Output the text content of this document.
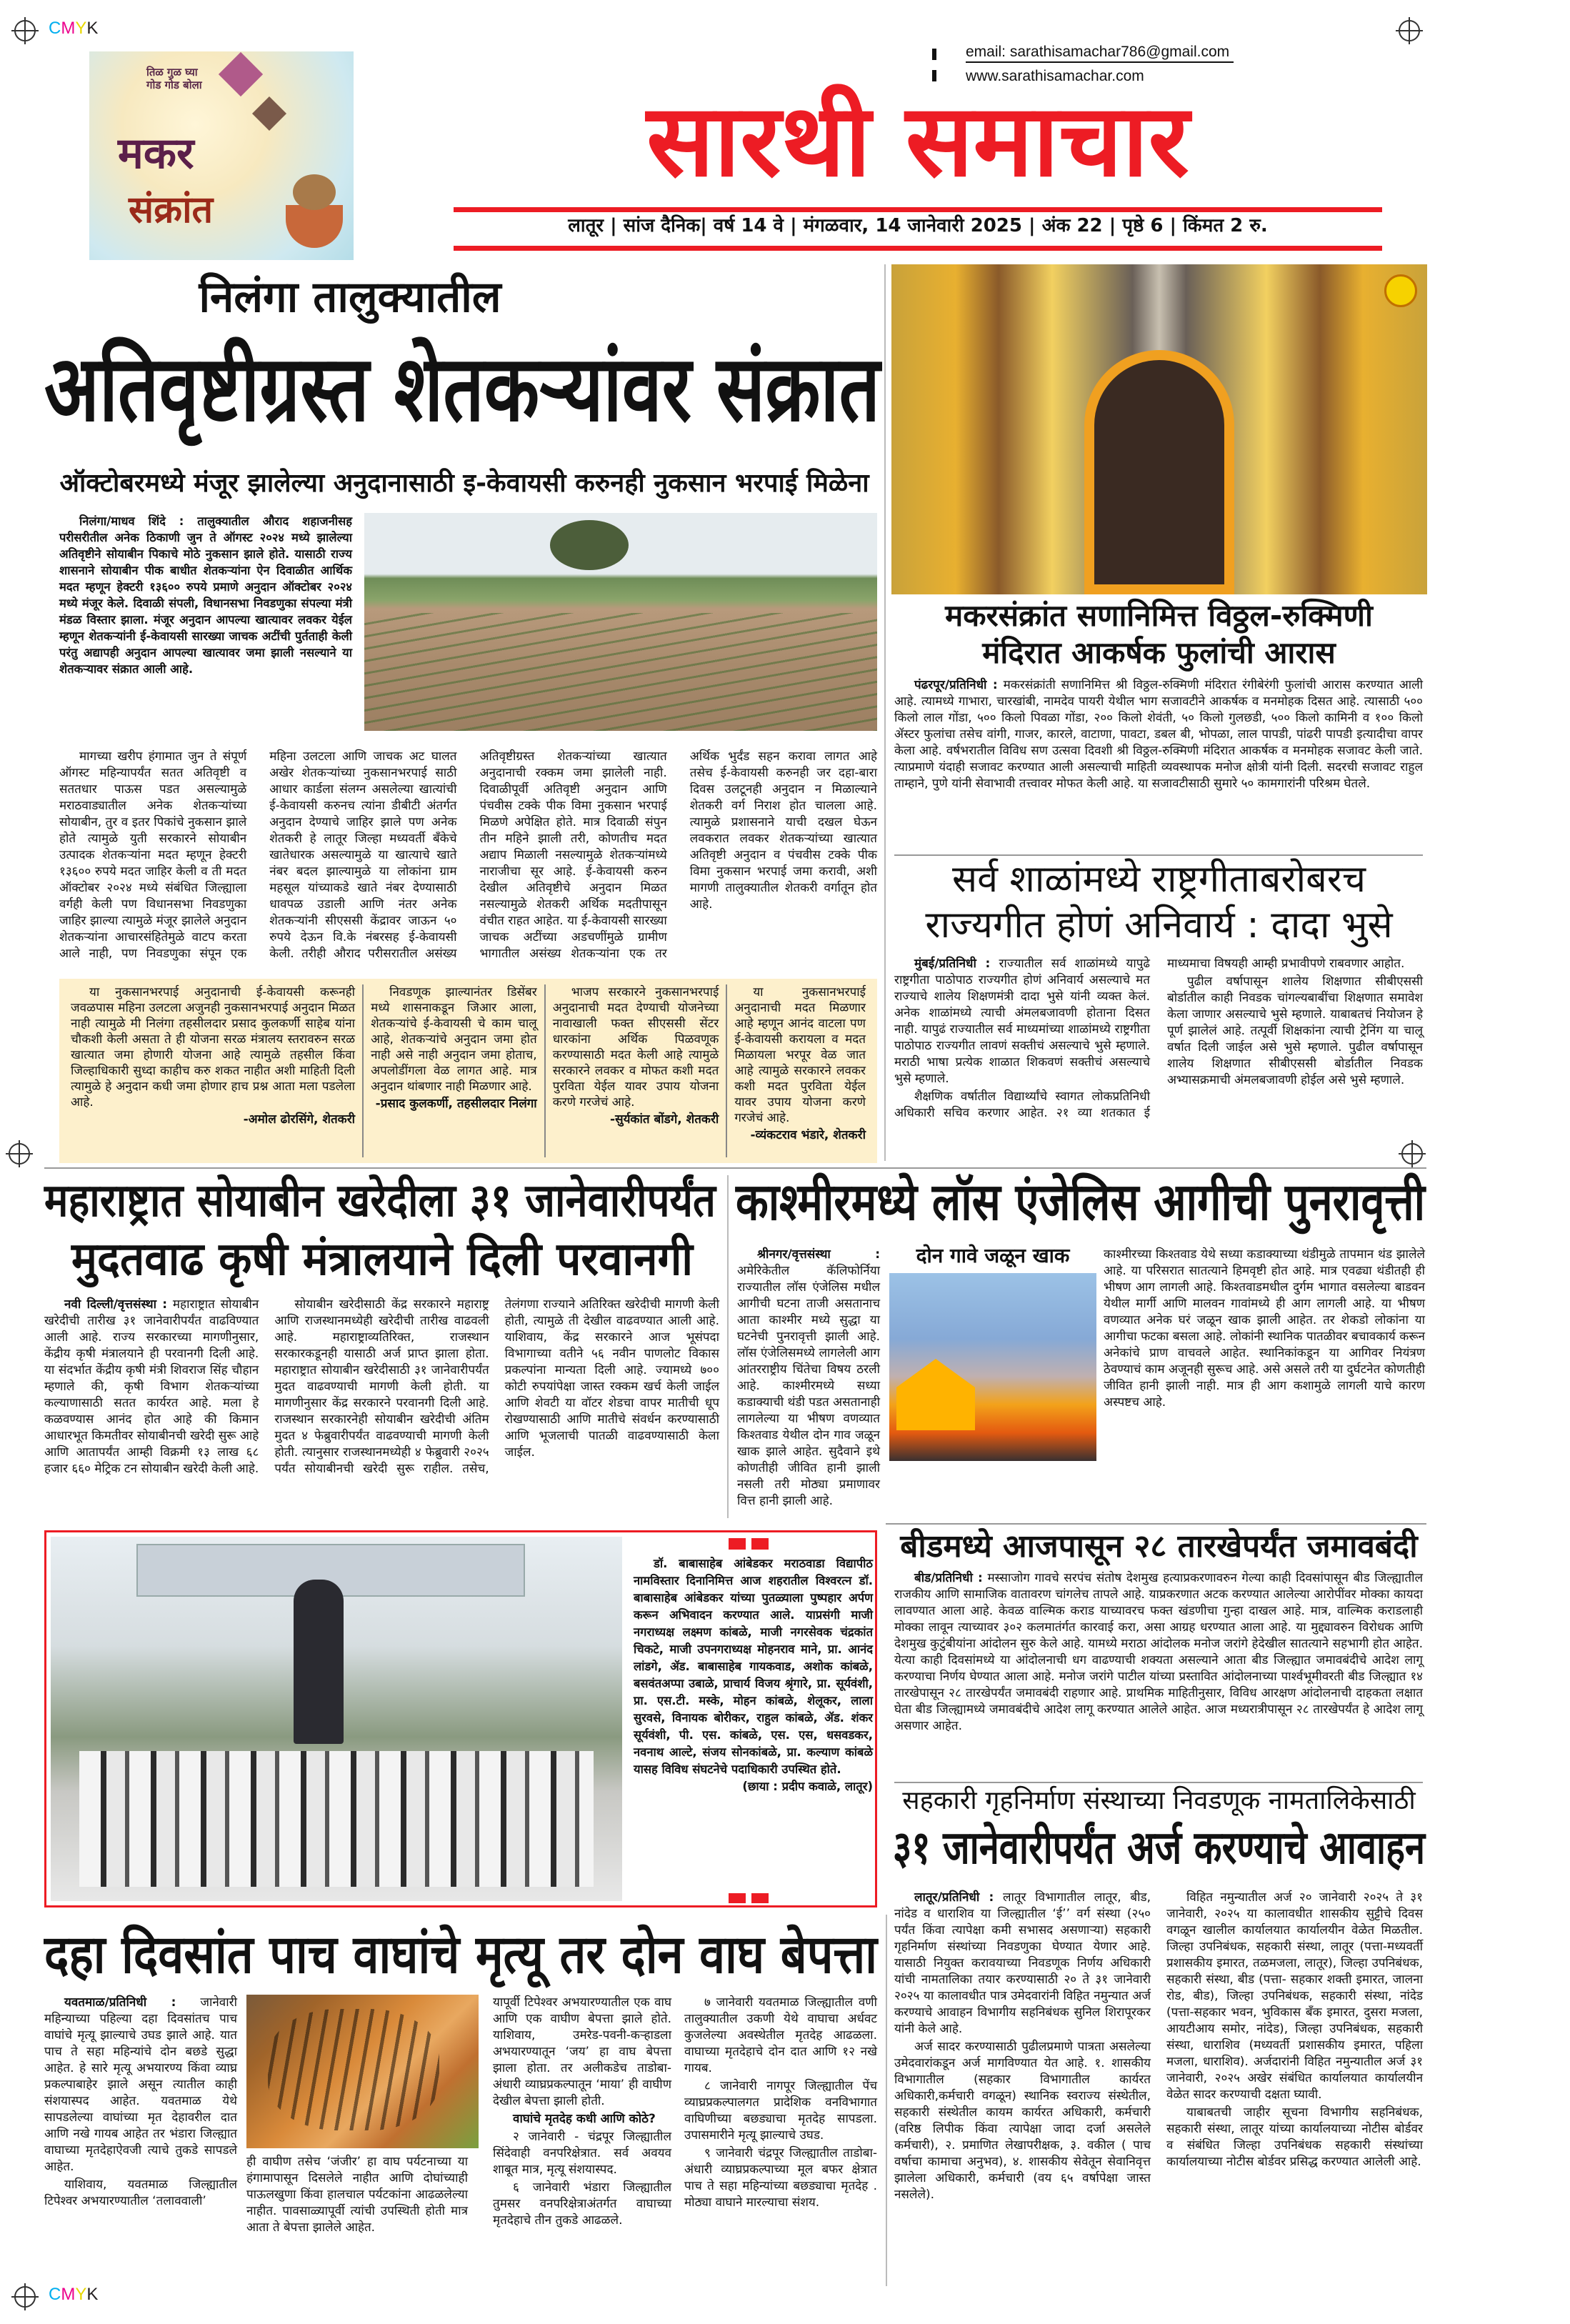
CMYK
CMYK
तिळ गुळ घ्या गोड गोड बोला
मकर
संक्रांत
email: sarathisamachar786@gmail.com
www.sarathisamachar.com
सारथी समाचार
लातूर | सांज दैनिक| वर्ष 14 वे | मंगळवार, 14 जानेवारी 2025 | अंक 22 | पृष्ठे 6 | किंमत 2 रु.
निलंगा तालुक्यातील
अतिवृष्टीग्रस्त शेतकऱ्यांवर संक्रात
ऑक्टोबरमध्ये मंजूर झालेल्या अनुदानासाठी इ-केवायसी करुनही नुकसान भरपाई मिळेना

निलंगा/माधव शिंदे : तालुक्यातील औराद शहाजनीसह परीसरीतील अनेक ठिकाणी जुन ते ऑगस्ट २०२४ मध्ये झालेल्या अतिवृष्टीने सोयाबीन पिकाचे मोठे नुकसान झाले होते. यासाठी राज्य शासनाने सोयाबीन पीक बाधीत शेतकऱ्यांना ऐन दिवाळीत आर्थिक मदत म्हणून हेक्टरी १३६०० रुपये प्रमाणे अनुदान ऑक्टोबर २०२४ मध्ये मंजूर केले. दिवाळी संपली, विधानसभा निवडणुका संपल्या मंत्री मंडळ विस्तार झाला. मंजूर अनुदान आपल्या खात्यावर लवकर येईल म्हणून शेतकऱ्यांनी ई-केवायसी सारख्या जाचक अटींची पुर्तताही केली परंतु अद्यापही अनुदान आपल्या खात्यावर जमा झाली नसल्याने या शेतकऱ्यावर संक्रात आली आहे.

मागच्या खरीप हंगामात जुन ते संपूर्ण ऑगस्ट महिन्यापर्यंत सतत अतिवृष्टी व सततधार पाऊस पडत असल्यामुळे मराठवाड्यातील अनेक शेतकऱ्यांच्या सोयाबीन, तुर व इतर पिकांचे नुकसान झाले होते त्यामुळे युती सरकारने सोयाबीन उत्पादक शेतकऱ्यांना मदत म्हणून हेक्टरी १३६०० रुपये मदत जाहिर केली व ती मदत ऑक्टोबर २०२४ मध्ये संबंधित जिल्ह्याला वर्गही केली पण विधानसभा निवडणुका जाहिर झाल्या त्यामुळे मंजूर झालेले अनुदान शेतकऱ्यांना आचारसंहितेमुळे वाटप करता आले नाही, पण निवडणुका संपून एक महिना उलटला आणि जाचक अट घालत अखेर शेतकऱ्यांच्या नुकसानभरपाई साठी आधार कार्डला संलग्न असलेल्या खात्यांची ई-केवायसी करुनच त्यांना डीबीटी अंतर्गत अनुदान देण्याचे जाहिर झाले पण अनेक शेतकरी हे लातूर जिल्हा मध्यवर्ती बँकेचे खातेधारक असल्यामुळे या खात्याचे खाते नंबर बदल झाल्यामुळे या लोकांना ग्राम महसूल यांच्याकडे खाते नंबर देण्यासाठी धावपळ उडाली आणि नंतर अनेक शेतकऱ्यांनी सीएससी केंद्रावर जाऊन ५० रुपये देऊन वि.के नंबरसह ई-केवायसी केली. तरीही औराद परीसरातील असंख्य अतिवृष्टीग्रस्त शेतकऱ्यांच्या खात्यात अनुदानाची रक्कम जमा झालेली नाही. दिवाळीपूर्वी अतिवृष्टी अनुदान आणि पंचवीस टक्के पीक विमा नुकसान भरपाई मिळणे अपेक्षित होते. मात्र दिवाळी संपुन तीन महिने झाली तरी, कोणतीच मदत अद्याप मिळाली नसल्यामुळे शेतकऱ्यांमध्ये नाराजीचा सूर आहे. ई-केवायसी करुन देखील अतिवृष्टीचे अनुदान मिळत नसल्यामुळे शेतकरी अर्थिक मदतीपासून वंचीत राहत आहेत. या ई-केवायसी सारख्या जाचक अटींच्या अडचणींमुळे ग्रामीण भागातील असंख्य शेतकऱ्यांना एक तर अर्थिक भुर्दंड सहन करावा लागत आहे तसेच ई-केवायसी करुनही जर दहा-बारा दिवस उलटूनही अनुदान न मिळाल्याने शेतकरी वर्ग निराश होत चालला आहे. त्यामुळे प्रशासनाने याची दखल घेऊन लवकरात लवकर शेतकऱ्यांच्या खात्यात अतिवृष्टी अनुदान व पंचवीस टक्के पीक विमा नुकसान भरपाई जमा करावी, अशी मागणी तालुक्यातील शेतकरी वर्गातून होत आहे.

या नुकसानभरपाई अनुदानाची ई-केवायसी करूनही जवळपास महिना उलटला अजुनही नुकसानभरपाई अनुदान मिळत नाही त्यामुळे मी निलंगा तहसीलदार प्रसाद कुलकर्णी साहेब यांना चौकशी केली असता ते ही योजना सरळ मंत्रालय स्तरावरुन सरळ खात्यात जमा होणारी योजना आहे त्यामुळे तहसील किंवा जिल्हाधिकारी सुध्दा काहीच करु शकत नाहीत अशी माहिती दिली त्यामुळे हे अनुदान कधी जमा होणार हाच प्रश्न आता मला पडलेला आहे.

-अमोल ढोरसिंगे, शेतकरी

निवडणूक झाल्यानंतर डिसेंबर मध्ये शासनाकडून जिआर आला, शेतकऱ्यांचे ई-केवायसी चे काम चालू आहे, शेतकऱ्यांचे अनुदान जमा होत नाही असे नाही अनुदान जमा होताच, अपलोडींगला वेळ लागत आहे. मात्र अनुदान थांबणार नाही मिळणार आहे.

-प्रसाद कुलकर्णी, तहसीलदार निलंगा

भाजप सरकारने नुकसानभरपाई अनुदानाची मदत देण्याची योजनेच्या नावाखाली फक्त सीएससी सेंटर धारकांना अर्थिक पिळवणूक करण्यासाठी मदत केली आहे त्यामुळे सरकारने लवकर व मोफत कशी मदत पुरविता येईल यावर उपाय योजना करणे गरजेचं आहे.

-सुर्यकांत बोंडगे, शेतकरी

या नुकसानभरपाई अनुदानाची मदत मिळणार आहे म्हणून आनंद वाटला पण ई-केवायसी करायला व मदत मिळायला भरपूर वेळ जात आहे त्यामुळे सरकारने लवकर कशी मदत पुरविता येईल यावर उपाय योजना करणे गरजेचं आहे.

-व्यंकटराव भंडारे, शेतकरी
मकरसंक्रांत सणानिमित्त विठ्ठल-रुक्मिणी
मंदिरात आकर्षक फुलांची आरास

पंढरपूर/प्रतिनिधी : मकरसंक्रांती सणानिमित्त श्री विठ्ठल-रुक्मिणी मंदिरात रंगीबेरंगी फुलांची आरास करण्यात आली आहे. त्यामध्ये गाभारा, चारखांबी, नामदेव पायरी येथील भाग सजावटीने आकर्षक व मनमोहक दिसत आहे. त्यासाठी ५०० किलो लाल गोंडा, ५०० किलो पिवळा गोंडा, २०० किलो शेवंती, ५० किलो गुलछडी, ५०० किलो कामिनी व १०० किलो ॲस्टर फुलांचा तसेच वांगी, गाजर, कारले, वाटाणा, पावटा, डबल बी, भोपळा, लाल पापडी, पांढरी पापडी इत्यादीचा वापर केला आहे. वर्षभरातील विविध सण उत्सवा दिवशी श्री विठ्ठल-रुक्मिणी मंदिरात आकर्षक व मनमोहक सजावट केली जाते. त्याप्रमाणे यंदाही सजावट करण्यात आली असल्याची माहिती व्यवस्थापक मनोज क्षोत्री यांनी दिली. सदरची सजावट राहुल ताम्हाने, पुणे यांनी सेवाभावी तत्त्वावर मोफत केली आहे. या सजावटीसाठी सुमारे ५० कामगारांनी परिश्रम घेतले.

सर्व शाळांमध्ये राष्ट्रगीताबरोबरच
राज्यगीत होणं अनिवार्य : दादा भुसे

मुंबई/प्रतिनिधी : राज्यातील सर्व शाळांमध्ये यापुढे राष्ट्रगीता पाठोपाठ राज्यगीत होणं अनिवार्य असल्याचे मत राज्याचे शालेय शिक्षणमंत्री दादा भुसे यांनी व्यक्त केलं. अनेक शाळांमध्ये त्याची अंमलबजावणी होताना दिसत नाही. यापुढं राज्यातील सर्व माध्यमांच्या शाळांमध्ये राष्ट्रगीता पाठोपाठ राज्यगीत लावणं सक्तीचं असल्याचे भुसे म्हणाले. मराठी भाषा प्रत्येक शाळात शिकवणं सक्तीचं असल्याचे भुसे म्हणाले.

शैक्षणिक वर्षातील विद्यार्थ्यांचे स्वागत लोकप्रतिनिधी अधिकारी सचिव करणार आहेत. २१ व्या शतकात ई माध्यमाचा विषयही आम्ही प्रभावीपणे राबवणार आहोत.

पुढील वर्षापासून शालेय शिक्षणात सीबीएससी बोर्डातील काही निवडक चांगल्यबाबींचा शिक्षणात समावेश केला जाणार असल्याचे भुसे म्हणाले. याबाबतचं नियोजन हे पूर्ण झालेलं आहे. तत्पूर्वी शिक्षकांना त्याची ट्रेनिंग या चालू वर्षात दिली जाईल असे भुसे म्हणाले. पुढील वर्षापासून शालेय शिक्षणात सीबीएससी बोर्डातील निवडक अभ्यासक्रमाची अंमलबजावणी होईल असे भुसे म्हणाले.

महाराष्ट्रात सोयाबीन खरेदीला ३१ जानेवारीपर्यंत
मुदतवाढ कृषी मंत्रालयाने दिली परवानगी

नवी दिल्ली/वृत्तसंस्था : महाराष्ट्रात सोयाबीन खरेदीची तारीख ३१ जानेवारीपर्यंत वाढविण्यात आली आहे. राज्य सरकारच्या मागणीनुसार, केंद्रीय कृषी मंत्रालयाने ही परवानगी दिली आहे. या संदर्भात केंद्रीय कृषी मंत्री शिवराज सिंह चौहान म्हणाले की, कृषी विभाग शेतकऱ्यांच्या कल्याणासाठी सतत कार्यरत आहे. मला हे कळवण्यास आनंद होत आहे की किमान आधारभूत किमतीवर सोयाबीनची खरेदी सुरू आहे आणि आतापर्यंत आम्ही विक्रमी १३ लाख ६८ हजार ६६० मेट्रिक टन सोयाबीन खरेदी केली आहे.

सोयाबीन खरेदीसाठी केंद्र सरकारने महाराष्ट्र आणि राजस्थानमध्येही खरेदीची तारीख वाढवली आहे. महाराष्ट्राव्यतिरिक्त, राजस्थान सरकारकडूनही यासाठी अर्ज प्राप्त झाला होता. महाराष्ट्रात सोयाबीन खरेदीसाठी ३१ जानेवारीपर्यंत मुदत वाढवण्याची मागणी केली होती. या मागणीनुसार केंद्र सरकारने परवानगी दिली आहे. राजस्थान सरकारनेही सोयाबीन खरेदीची अंतिम मुदत ४ फेब्रुवारीपर्यंत वाढवण्याची मागणी केली होती. त्यानुसार राजस्थानमध्येही ४ फेब्रुवारी २०२५ पर्यंत सोयाबीनची खरेदी सुरू राहील. तसेच, तेलंगणा राज्याने अतिरिक्त खरेदीची मागणी केली होती, त्यामुळे ती देखील वाढवण्यात आली आहे. याशिवाय, केंद्र सरकारने आज भूसंपदा विभागाच्या वतीने ५६ नवीन पाणलोट विकास प्रकल्पांना मान्यता दिली आहे. ज्यामध्ये ७०० कोटी रुपयांपेक्षा जास्त रक्कम खर्च केली जाईल आणि शेवटी या वॉटर शेडचा वापर मातीची धूप रोखण्यासाठी आणि मातीचे संवर्धन करण्यासाठी आणि भूजलाची पातळी वाढवण्यासाठी केला जाईल.

काश्मीरमध्ये लॉस एंजेलिस आगीची पुनरावृत्ती

श्रीनगर/वृत्तसंस्था : अमेरिकेतील कॅलिफोर्निया राज्यातील लॉस एंजेलिस मधील आगीची घटना ताजी असतानाच आता काश्मीर मध्ये सुद्धा या घटनेची पुनरावृत्ती झाली आहे. लॉस एंजेलिसमध्ये लागलेली आग आंतरराष्ट्रीय चिंतेचा विषय ठरली आहे. काश्मीरमध्ये सध्या कडाक्याची थंडी पडत असतानाही लागलेल्या या भीषण वणव्यात किश्तवाड येथील दोन गाव जळून खाक झाले आहेत. सुदैवाने इथे कोणतीही जीवित हानी झाली नसली तरी मोठ्या प्रमाणावर वित्त हानी झाली आहे.

दोन गावे जळून खाक	काश्मीरच्या किश्तवाड येथे सध्या कडाक्याच्या थंडीमुळे तापमान थंड झालेले आहे. या परिसरात सातत्याने हिमवृष्टी होत आहे. मात्र एवढ्या थंडीतही ही भीषण आग लागली आहे. किश्तवाडमधील दुर्गम भागात वसलेल्या बाडवन येथील मार्गी आणि मालवन गावांमध्ये ही आग लागली आहे. या भीषण वणव्यात अनेक घरं जळून खाक झाली आहेत. तर शेकडो लोकांना या आगीचा फटका बसला आहे. लोकांनी स्थानिक पातळीवर बचावकार्य करून अनेकांचे प्राण वाचवले आहेत. स्थानिकांकडून या आगिवर नियंत्रण ठेवण्याचं काम अजूनही सुरूच आहे. असे असले तरी या दुर्घटनेत कोणतीही जीवित हानी झाली नाही. मात्र ही आग कशामुळे लागली याचे कारण अस्पष्टच आहे.

डॉ. बाबासाहेब आंबेडकर मराठवाडा विद्यापीठ नामविस्तार दिनानिमित्त आज शहरातील विश्वरत्न डॉ. बाबासाहेब आंबेडकर यांच्या पुतळ्याला पुष्पहार अर्पण करून अभिवादन करण्यात आले. याप्रसंगी माजी नगराध्यक्ष लक्ष्मण कांबळे, माजी नगरसेवक चंद्रकांत चिकटे, माजी उपनगराध्यक्ष मोहनराव माने, प्रा. आनंद लांडगे, ॲड. बाबासाहेब गायकवाड, अशोक कांबळे, बसवंतअप्पा उबाळे, प्राचार्य विजय श्रृंगारे, प्रा. सूर्यवंशी, प्रा. एस.टी. मस्के, मोहन कांबळे, शेलूकर, लाला सुरवसे, विनायक बोरीकर, राहुल कांबळे, ॲड. शंकर सूर्यवंशी, पी. एस. कांबळे, एस. एस, धसवडकर, नवनाथ आल्टे, संजय सोनकांबळे, प्रा. कल्याण कांबळे यासह विविध संघटनेचे पदाधिकारी उपस्थित होते.

(छाया : प्रदीप कवाळे, लातूर)
बीडमध्ये आजपासून २८ तारखेपर्यंत जमावबंदी

बीड/प्रतिनिधी : मस्साजोग गावचे सरपंच संतोष देशमुख हत्याप्रकरणावरुन गेल्या काही दिवसांपासून बीड जिल्ह्यातील राजकीय आणि सामाजिक वातावरण चांगलेच तापले आहे. याप्रकरणात अटक करण्यात आलेल्या आरोपींवर मोक्का कायदा लावण्यात आला आहे. केवळ वाल्मिक कराड याच्यावरच फक्त खंडणीचा गुन्हा दाखल आहे. मात्र, वाल्मिक कराडलाही मोक्का लावून त्याच्यावर ३०२ कलमातंर्गत कारवाई करा, असा आग्रह धरण्यात आला आहे. या मुद्द्यावरुन विरोधक आणि देशमुख कुटुंबीयांना आंदोलन सुरु केले आहे. यामध्ये मराठा आंदोलक मनोज जरांगे हेदेखील सातत्याने सहभागी होत आहेत. येत्या काही दिवसांमध्ये या आंदोलनाची धग वाढण्याची शक्यता असल्याने आता बीड जिल्ह्यात जमावबंदीचे आदेश लागू करण्याचा निर्णय घेण्यात आला आहे. मनोज जरांगे पाटील यांच्या प्रस्तावित आंदोलनाच्या पार्श्वभूमीवरती बीड जिल्ह्यात १४ तारखेपासून २८ तारखेपर्यंत जमावबंदी राहणार आहे. प्राथमिक माहितीनुसार, विविध आरक्षण आंदोलनाची दाहकता लक्षात घेता बीड जिल्ह्यामध्ये जमावबंदीचे आदेश लागू करण्यात आलेले आहेत. आज मध्यरात्रीपासून २८ तारखेपर्यंत हे आदेश लागू असणार आहेत.

सहकारी गृहनिर्माण संस्थाच्या निवडणूक नामतालिकेसाठी
३१ जानेवारीपर्यंत अर्ज करण्याचे आवाहन

लातूर/प्रतिनिधी : लातूर विभागातील लातूर, बीड, नांदेड व धाराशिव या जिल्ह्यातील ‘ई’’ वर्ग संस्था (२५० पर्यंत किंवा त्यापेक्षा कमी सभासद असणाऱ्या) सहकारी गृहनिर्माण संस्थांच्या निवडणुका घेण्यात येणार आहे. यासाठी नियुक्त करावयाच्या निवडणूक निर्णय अधिकारी यांची नामतालिका तयार करण्यासाठी २० ते ३१ जानेवारी २०२५ या कालावधीत पात्र उमेदवारांनी विहित नमुन्यात अर्ज करण्याचे आवाहन विभागीय सहनिबंधक सुनिल शिरापूरकर यांनी केले आहे.

अर्ज सादर करण्यासाठी पुढीलप्रमाणे पात्रता असलेल्या उमेदवारांकडून अर्ज मागविण्यात येत आहे. १. शासकीय विभागातील (सहकार विभागातील कार्यरत अधिकारी,कर्मचारी वगळून) स्थानिक स्वराज्य संस्थेतील, सहकारी संस्थेतील कायम कार्यरत अधिकारी, कर्मचारी (वरिष्ठ लिपीक किंवा त्यापेक्षा जादा दर्जा असलेले कर्मचारी), २. प्रमाणित लेखापरीक्षक, ३. वकील ( पाच वर्षाचा कामाचा अनुभव), ४. शासकीय सेवेतून सेवानिवृत्त झालेला अधिकारी, कर्मचारी (वय ६५ वर्षापेक्षा जास्त नसलेले).

विहित नमुन्यातील अर्ज २० जानेवारी २०२५ ते ३१ जानेवारी, २०२५ या कालावधीत शासकीय सुट्टीचे दिवस वगळून खालील कार्यालयात कार्यालयीन वेळेत मिळतील. जिल्हा उपनिबंधक, सहकारी संस्था, लातूर (पत्ता-मध्यवर्ती प्रशासकीय इमारत, तळमजला, लातूर), जिल्हा उपनिबंधक, सहकारी संस्था, बीड (पत्ता- सहकार शक्ती इमारत, जालना रोड, बीड), जिल्हा उपनिबंधक, सहकारी संस्था, नांदेड (पत्ता-सहकार भवन, भुविकास बँक इमारत, दुसरा मजला, आयटीआय समोर, नांदेड), जिल्हा उपनिबंधक, सहकारी संस्था, धाराशिव (मध्यवर्ती प्रशासकीय इमारत, पहिला मजला, धाराशिव). अर्जदारांनी विहित नमुन्यातील अर्ज ३१ जानेवारी, २०२५ अखेर संबंधित कार्यालयात कार्यालयीन वेळेत सादर करण्याची दक्षता घ्यावी.

याबाबतची जाहीर सूचना विभागीय सहनिबंधक, सहकारी संस्था, लातूर यांच्या कार्यालयाच्या नोटीस बोर्डवर व संबंधित जिल्हा उपनिबंधक सहकारी संस्थांच्या कार्यालयाच्या नोटीस बोर्डवर प्रसिद्ध करण्यात आलेली आहे.

दहा दिवसांत पाच वाघांचे मृत्यू तर दोन वाघ बेपत्ता

यवतमाळ/प्रतिनिधी : जानेवारी महिन्याच्या पहिल्या दहा दिवसांतच पाच वाघांचे मृत्यू झाल्याचे उघड झाले आहे. यात पाच ते सहा महिन्यांचे दोन बछडे सुद्धा आहेत. हे सारे मृत्यू अभयारण्य किंवा व्याघ्र प्रकल्पाबाहेर झाले असून त्यातील काही संशयास्पद आहेत. यवतमाळ येथे सापडलेल्या वाघांच्या मृत देहावरील दात आणि नखे गायब आहेत तर भंडारा जिल्ह्यात वाघाच्या मृतदेहाऐवजी त्याचे तुकडे सापडले आहेत.

याशिवाय, यवतमाळ जिल्ह्यातील टिपेश्वर अभयारण्यातील ‘तलाववाली’

ही वाघीण तसेच ‘जंजीर’ हा वाघ पर्यटनाच्या या हंगामापासून दिसलेले नाहीत आणि दोघांच्याही पाऊलखुणा किंवा हालचाल पर्यटकांना आढळलेल्या नाहीत. पावसाळ्यापूर्वी त्यांची उपस्थिती होती मात्र आता ते बेपत्ता झालेले आहेत.

यापूर्वी टिपेश्वर अभयारण्यातील एक वाघ आणि एक वाघीण बेपत्ता झाले होते. याशिवाय, उमरेड-पवनी-कऱ्हाडला अभयारण्यातून ‘जय’ हा वाघ बेपत्ता झाला होता. तर अलीकडेच ताडोबा-अंधारी व्याघ्रप्रकल्पातून ‘माया’ ही वाघीण देखील बेपत्ता झाली होती.

वाघांचे मृतदेह कधी आणि कोठे?

२ जानेवारी - चंद्रपूर जिल्ह्यातील सिंदेवाही वनपरिक्षेत्रात. सर्व अवयव शाबूत मात्र, मृत्यू संशयास्पद.

६ जानेवारी भंडारा जिल्ह्यातील तुमसर वनपरिक्षेत्राअंतर्गत वाघाच्या मृतदेहाचे तीन तुकडे आढळले.

७ जानेवारी यवतमाळ जिल्ह्यातील वणी तालुक्यातील उकणी येथे वाघाचा अर्धवट कुजलेल्या अवस्थेतील मृतदेह आढळला. वाघाच्या मृतदेहाचे दोन दात आणि १२ नखे गायब.

८ जानेवारी नागपूर जिल्ह्यातील पेंच व्याघ्रप्रकल्पालगत प्रादेशिक वनविभागात वाघिणीच्या बछड्याचा मृतदेह सापडला. उपासमारीने मृत्यू झाल्याचे उघड.

९ जानेवारी चंद्रपूर जिल्ह्यातील ताडोबा-अंधारी व्याघ्रप्रकल्पाच्या मूल बफर क्षेत्रात पाच ते सहा महिन्यांच्या बछड्याचा मृतदेह . मोठ्या वाघाने मारल्याचा संशय.
